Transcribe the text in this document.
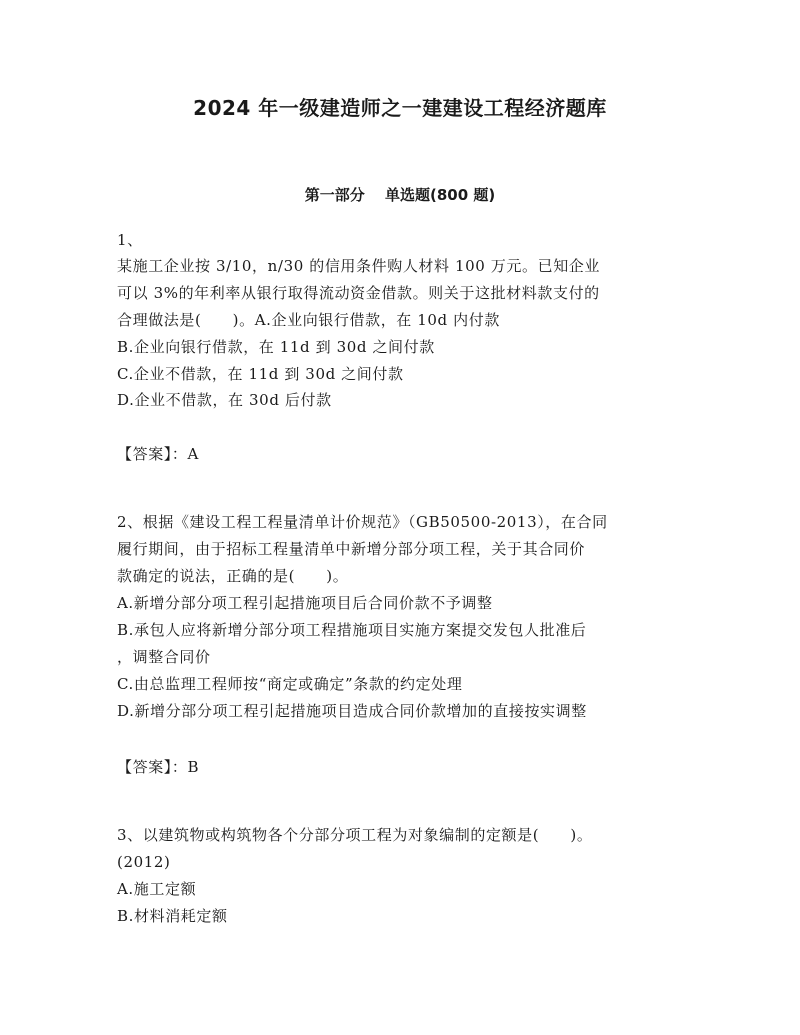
2024 年一级建造师之一建建设工程经济题库
第一部分　 单选题(800 题)
1、
某施工企业按 3/10，n/30 的信用条件购人材料 100 万元。已知企业
可以 3%的年利率从银行取得流动资金借款。则关于这批材料款支付的
合理做法是(　　)。A.企业向银行借款，在 10d 内付款
B.企业向银行借款，在 11d 到 30d 之间付款
C.企业不借款，在 11d 到 30d 之间付款
D.企业不借款，在 30d 后付款
【答案】：A
2、根据《建设工程工程量清单计价规范》（GB50500-2013），在合同
履行期间，由于招标工程量清单中新增分部分项工程，关于其合同价
款确定的说法，正确的是(　　)。
A.新增分部分项工程引起措施项目后合同价款不予调整
B.承包人应将新增分部分项工程措施项目实施方案提交发包人批准后
，调整合同价
C.由总监理工程师按“商定或确定”条款的约定处理
D.新增分部分项工程引起措施项目造成合同价款增加的直接按实调整
【答案】：B
3、以建筑物或构筑物各个分部分项工程为对象编制的定额是(　　)。
(2012)
A.施工定额
B.材料消耗定额
